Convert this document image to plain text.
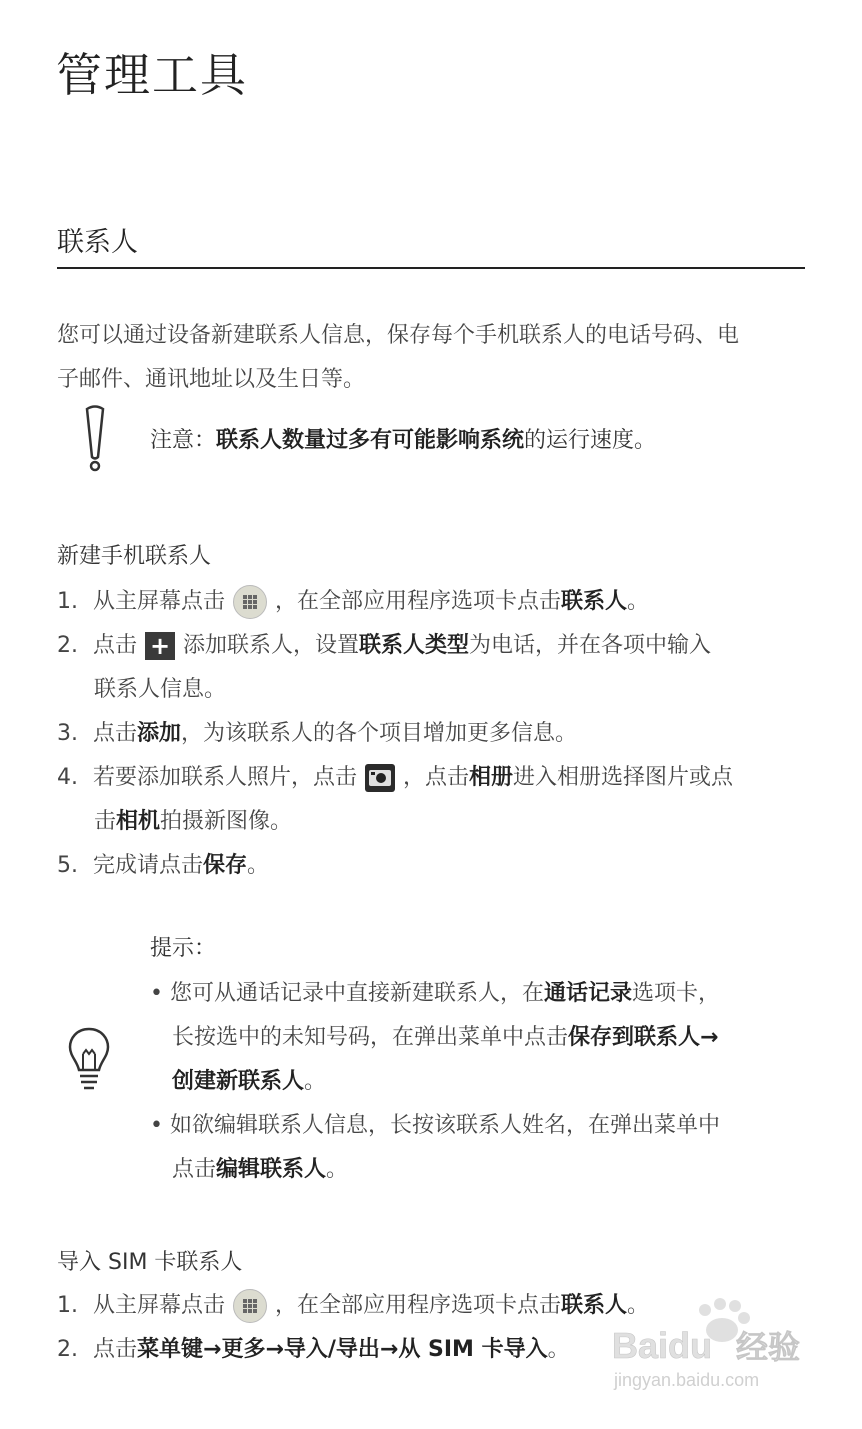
管理工具
联系人
您可以通过设备新建联系人信息，保存每个手机联系人的电话号码、电
子邮件、通讯地址以及生日等。
注意：联系人数量过多有可能影响系统的运行速度。
新建手机联系人
1. 从主屏幕点击 ，在全部应用程序选项卡点击联系人。
2. 点击 + 添加联系人，设置联系人类型为电话，并在各项中输入
联系人信息。
3. 点击添加，为该联系人的各个项目增加更多信息。
4. 若要添加联系人照片，点击 ，点击相册进入相册选择图片或点
击相机拍摄新图像。
5. 完成请点击保存。
提示：
• 您可从通话记录中直接新建联系人，在通话记录选项卡，
长按选中的未知号码，在弹出菜单中点击保存到联系人→
创建新联系人。
• 如欲编辑联系人信息，长按该联系人姓名，在弹出菜单中
点击编辑联系人。
导入 SIM 卡联系人
1. 从主屏幕点击 ，在全部应用程序选项卡点击联系人。
2. 点击菜单键→更多→导入/导出→从 SIM 卡导入。	Baidu 经验
jingyan.baidu.com
